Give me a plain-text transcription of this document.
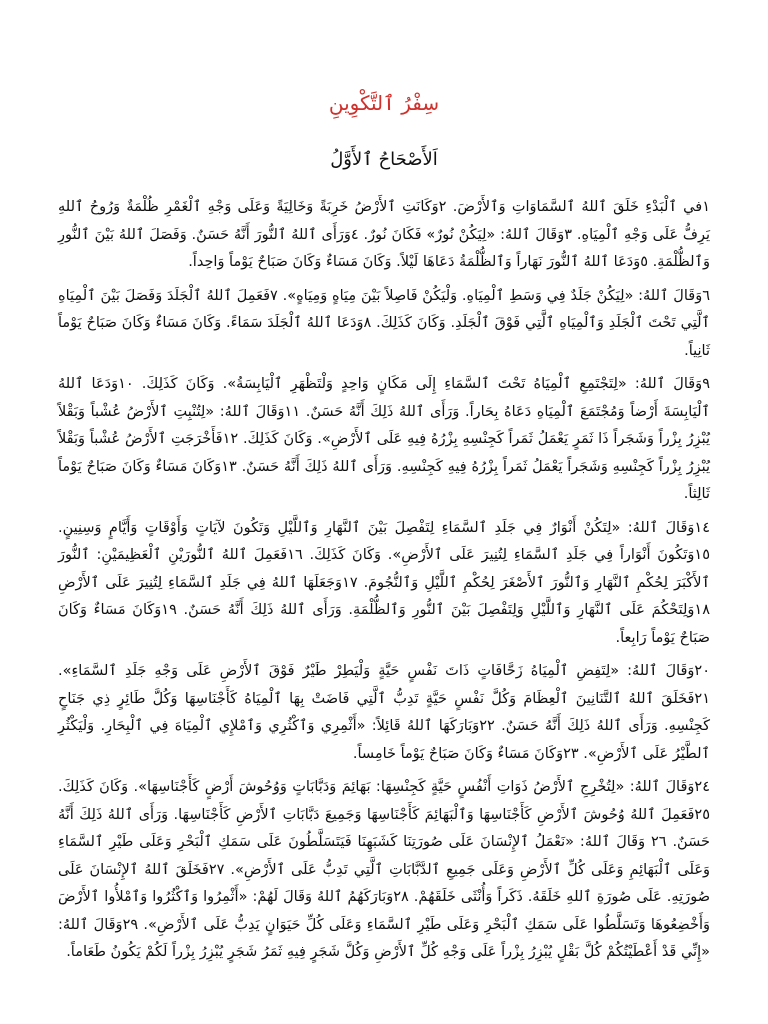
سِفْرُ ٱلتَّكْوِينِ
اَلأَصْحَاحُ ٱلأَوَّلُ

١في ٱلْبَدْءِ خَلَقَ ٱللهُ ٱلسَّمَاوَاتِ وَٱلأَرْضَ. ٢وَكَانَتِ ٱلأَرْضُ خَرِبَةً وَخَالِيَةً وَعَلَى وَجْهِ ٱلْغَمْرِ ظُلْمَةٌ وَرُوحُ ٱللهِ يَرِفُّ عَلَى وَجْهِ ٱلْمِيَاهِ. ٣وَقَالَ ٱللهُ: «لِيَكُنْ نُورٌ» فَكَانَ نُورٌ. ٤وَرَأَى ٱللهُ ٱلنُّورَ أَنَّهُ حَسَنٌ. وَفَصَلَ ٱللهُ بَيْنَ ٱلنُّورِ وَٱلظُّلْمَةِ. ٥وَدَعَا ٱللهُ ٱلنُّورَ نَهَاراً وَٱلظُّلْمَةُ دَعَاهَا لَيْلاً. وَكَانَ مَسَاءٌ وَكَانَ صَبَاحٌ يَوْماً وَاحِداً.

٦وَقَالَ ٱللهُ: «لِيَكُنْ جَلَدٌ فِي وَسَطِ ٱلْمِيَاهِ. وَلْيَكُنْ فَاصِلاً بَيْنَ مِيَاهٍ وَمِيَاهٍ». ٧فَعَمِلَ ٱللهُ ٱلْجَلَدَ وَفَصَلَ بَيْنَ ٱلْمِيَاهِ ٱلَّتِي تَحْتَ ٱلْجَلَدِ وَٱلْمِيَاهِ ٱلَّتِي فَوْقَ ٱلْجَلَدِ. وَكَانَ كَذَلِكَ. ٨وَدَعَا ٱللهُ ٱلْجَلَدَ سَمَاءً. وَكَانَ مَسَاءٌ وَكَانَ صَبَاحٌ يَوْماً ثَانِياً.

٩وَقَالَ ٱللهُ: «لِتَجْتَمِعِ ٱلْمِيَاهُ تَحْتَ ٱلسَّمَاءِ إِلَى مَكَانٍ وَاحِدٍ وَلْتَظْهَرِ ٱلْيَابِسَةُ». وَكَانَ كَذَلِكَ. ١٠وَدَعَا ٱللهُ ٱلْيَابِسَةَ أَرْضاً وَمُجْتَمَعَ ٱلْمِيَاهِ دَعَاهُ بِحَاراً. وَرَأَى ٱللهُ ذَلِكَ أَنَّهُ حَسَنٌ. ١١وَقَالَ ٱللهُ: «لِتُنْبِتِ ٱلأَرْضُ عُشْباً وَبَقْلاً يُبْزِرُ بِزْراً وَشَجَراً ذَا ثَمَرٍ يَعْمَلُ ثَمَراً كَجِنْسِهِ بِزْرُهُ فِيهِ عَلَى ٱلأَرْضِ». وَكَانَ كَذَلِكَ. ١٢فَأَخْرَجَتِ ٱلأَرْضُ عُشْباً وَبَقْلاً يُبْزِرُ بِزْراً كَجِنْسِهِ وَشَجَراً يَعْمَلُ ثَمَراً بِزْرُهُ فِيهِ كَجِنْسِهِ. وَرَأَى ٱللهُ ذَلِكَ أَنَّهُ حَسَنٌ. ١٣وَكَانَ مَسَاءٌ وَكَانَ صَبَاحٌ يَوْماً ثَالِثاً.

١٤وَقَالَ ٱللهُ: «لِتَكُنْ أَنْوَارٌ فِي جَلَدِ ٱلسَّمَاءِ لِتَفْصِلَ بَيْنَ ٱلنَّهَارِ وَٱللَّيْلِ وَتَكُونَ لآيَاتٍ وَأَوْقَاتٍ وَأَيَّامٍ وَسِنِينٍ. ١٥وَتَكُونَ أَنْوَاراً فِي جَلَدِ ٱلسَّمَاءِ لِتُنِيرَ عَلَى ٱلأَرْضِ». وَكَانَ كَذَلِكَ. ١٦فَعَمِلَ ٱللهُ ٱلنُّورَيْنِ ٱلْعَظِيمَيْنِ: ٱلنُّورَ ٱلأَكْبَرَ لِحُكْمِ ٱلنَّهَارِ وَٱلنُّورَ ٱلأَصْغَرَ لِحُكْمِ ٱللَّيْلِ وَٱلنُّجُومَ. ١٧وَجَعَلَهَا ٱللهُ فِي جَلَدِ ٱلسَّمَاءِ لِتُنِيرَ عَلَى ٱلأَرْضِ ١٨وَلِتَحْكُمَ عَلَى ٱلنَّهَارِ وَٱللَّيْلِ وَلِتَفْصِلَ بَيْنَ ٱلنُّورِ وَٱلظُّلْمَةِ. وَرَأَى ٱللهُ ذَلِكَ أَنَّهُ حَسَنٌ. ١٩وَكَانَ مَسَاءٌ وَكَانَ صَبَاحٌ يَوْماً رَابِعاً.

٢٠وَقَالَ ٱللهُ: «لِتَفِضِ ٱلْمِيَاهُ زَحَّافَاتٍ ذَاتَ نَفْسٍ حَيَّةٍ وَلْيَطِرْ طَيْرٌ فَوْقَ ٱلأَرْضِ عَلَى وَجْهِ جَلَدِ ٱلسَّمَاءِ». ٢١فَخَلَقَ ٱللهُ ٱلتَّنَانِينَ ٱلْعِظَامَ وَكُلَّ نَفْسٍ حَيَّةٍ تَدِبُّ ٱلَّتِي فَاضَتْ بِهَا ٱلْمِيَاهُ كَأَجْنَاسِهَا وَكُلَّ طَائِرٍ ذِي جَنَاحٍ كَجِنْسِهِ. وَرَأَى ٱللهُ ذَلِكَ أَنَّهُ حَسَنٌ. ٢٢وَبَارَكَهَا ٱللهُ قَائِلاً: «أَثْمِرِي وَٱكْثُرِي وَٱمْلإِي ٱلْمِيَاهَ فِي ٱلْبِحَارِ. وَلْيَكْثُرِ ٱلطَّيْرُ عَلَى ٱلأَرْضِ». ٢٣وَكَانَ مَسَاءٌ وَكَانَ صَبَاحٌ يَوْماً خَامِساً.

٢٤وَقَالَ ٱللهُ: «لِتُخْرِجِ ٱلأَرْضُ ذَوَاتِ أَنْفُسٍ حَيَّةٍ كَجِنْسِهَا: بَهَائِمَ وَدَبَّابَاتٍ وَوُحُوشَ أَرْضٍ كَأَجْنَاسِهَا». وَكَانَ كَذَلِكَ. ٢٥فَعَمِلَ ٱللهُ وُحُوشَ ٱلأَرْضِ كَأَجْنَاسِهَا وَٱلْبَهَائِمَ كَأَجْنَاسِهَا وَجَمِيعَ دَبَّابَاتِ ٱلأَرْضِ كَأَجْنَاسِهَا. وَرَأَى ٱللهُ ذَلِكَ أَنَّهُ حَسَنٌ. ٢٦ وَقَالَ ٱللهُ: «نَعْمَلُ ٱلإِنْسَانَ عَلَى صُورَتِنَا كَشَبَهِنَا فَيَتَسَلَّطُونَ عَلَى سَمَكِ ٱلْبَحْرِ وَعَلَى طَيْرِ ٱلسَّمَاءِ وَعَلَى ٱلْبَهَائِمِ وَعَلَى كُلِّ ٱلأَرْضِ وَعَلَى جَمِيعِ ٱلدَّبَّابَاتِ ٱلَّتِي تَدِبُّ عَلَى ٱلأَرْضِ». ٢٧فَخَلَقَ ٱللهُ ٱلإِنْسَانَ عَلَى صُورَتِهِ. عَلَى صُورَةِ ٱللهِ خَلَقَهُ. ذَكَراً وَأُنْثَى خَلَقَهُمْ. ٢٨وَبَارَكَهُمُ ٱللهُ وَقَالَ لَهُمْ: «أَثْمِرُوا وَٱكْثُرُوا وَٱمْلأُوا ٱلأَرْضَ وَأَخْضِعُوهَا وَتَسَلَّطُوا عَلَى سَمَكِ ٱلْبَحْرِ وَعَلَى طَيْرِ ٱلسَّمَاءِ وَعَلَى كُلِّ حَيَوَانٍ يَدِبُّ عَلَى ٱلأَرْضِ». ٢٩وَقَالَ ٱللهُ: «إِنِّي قَدْ أَعْطَيْتُكُمْ كُلَّ بَقْلٍ يُبْزِرُ بِزْراً عَلَى وَجْهِ كُلِّ ٱلأَرْضِ وَكُلَّ شَجَرٍ فِيهِ ثَمَرُ شَجَرٍ يُبْزِرُ بِزْراً لَكُمْ يَكُونُ طَعَاماً.
